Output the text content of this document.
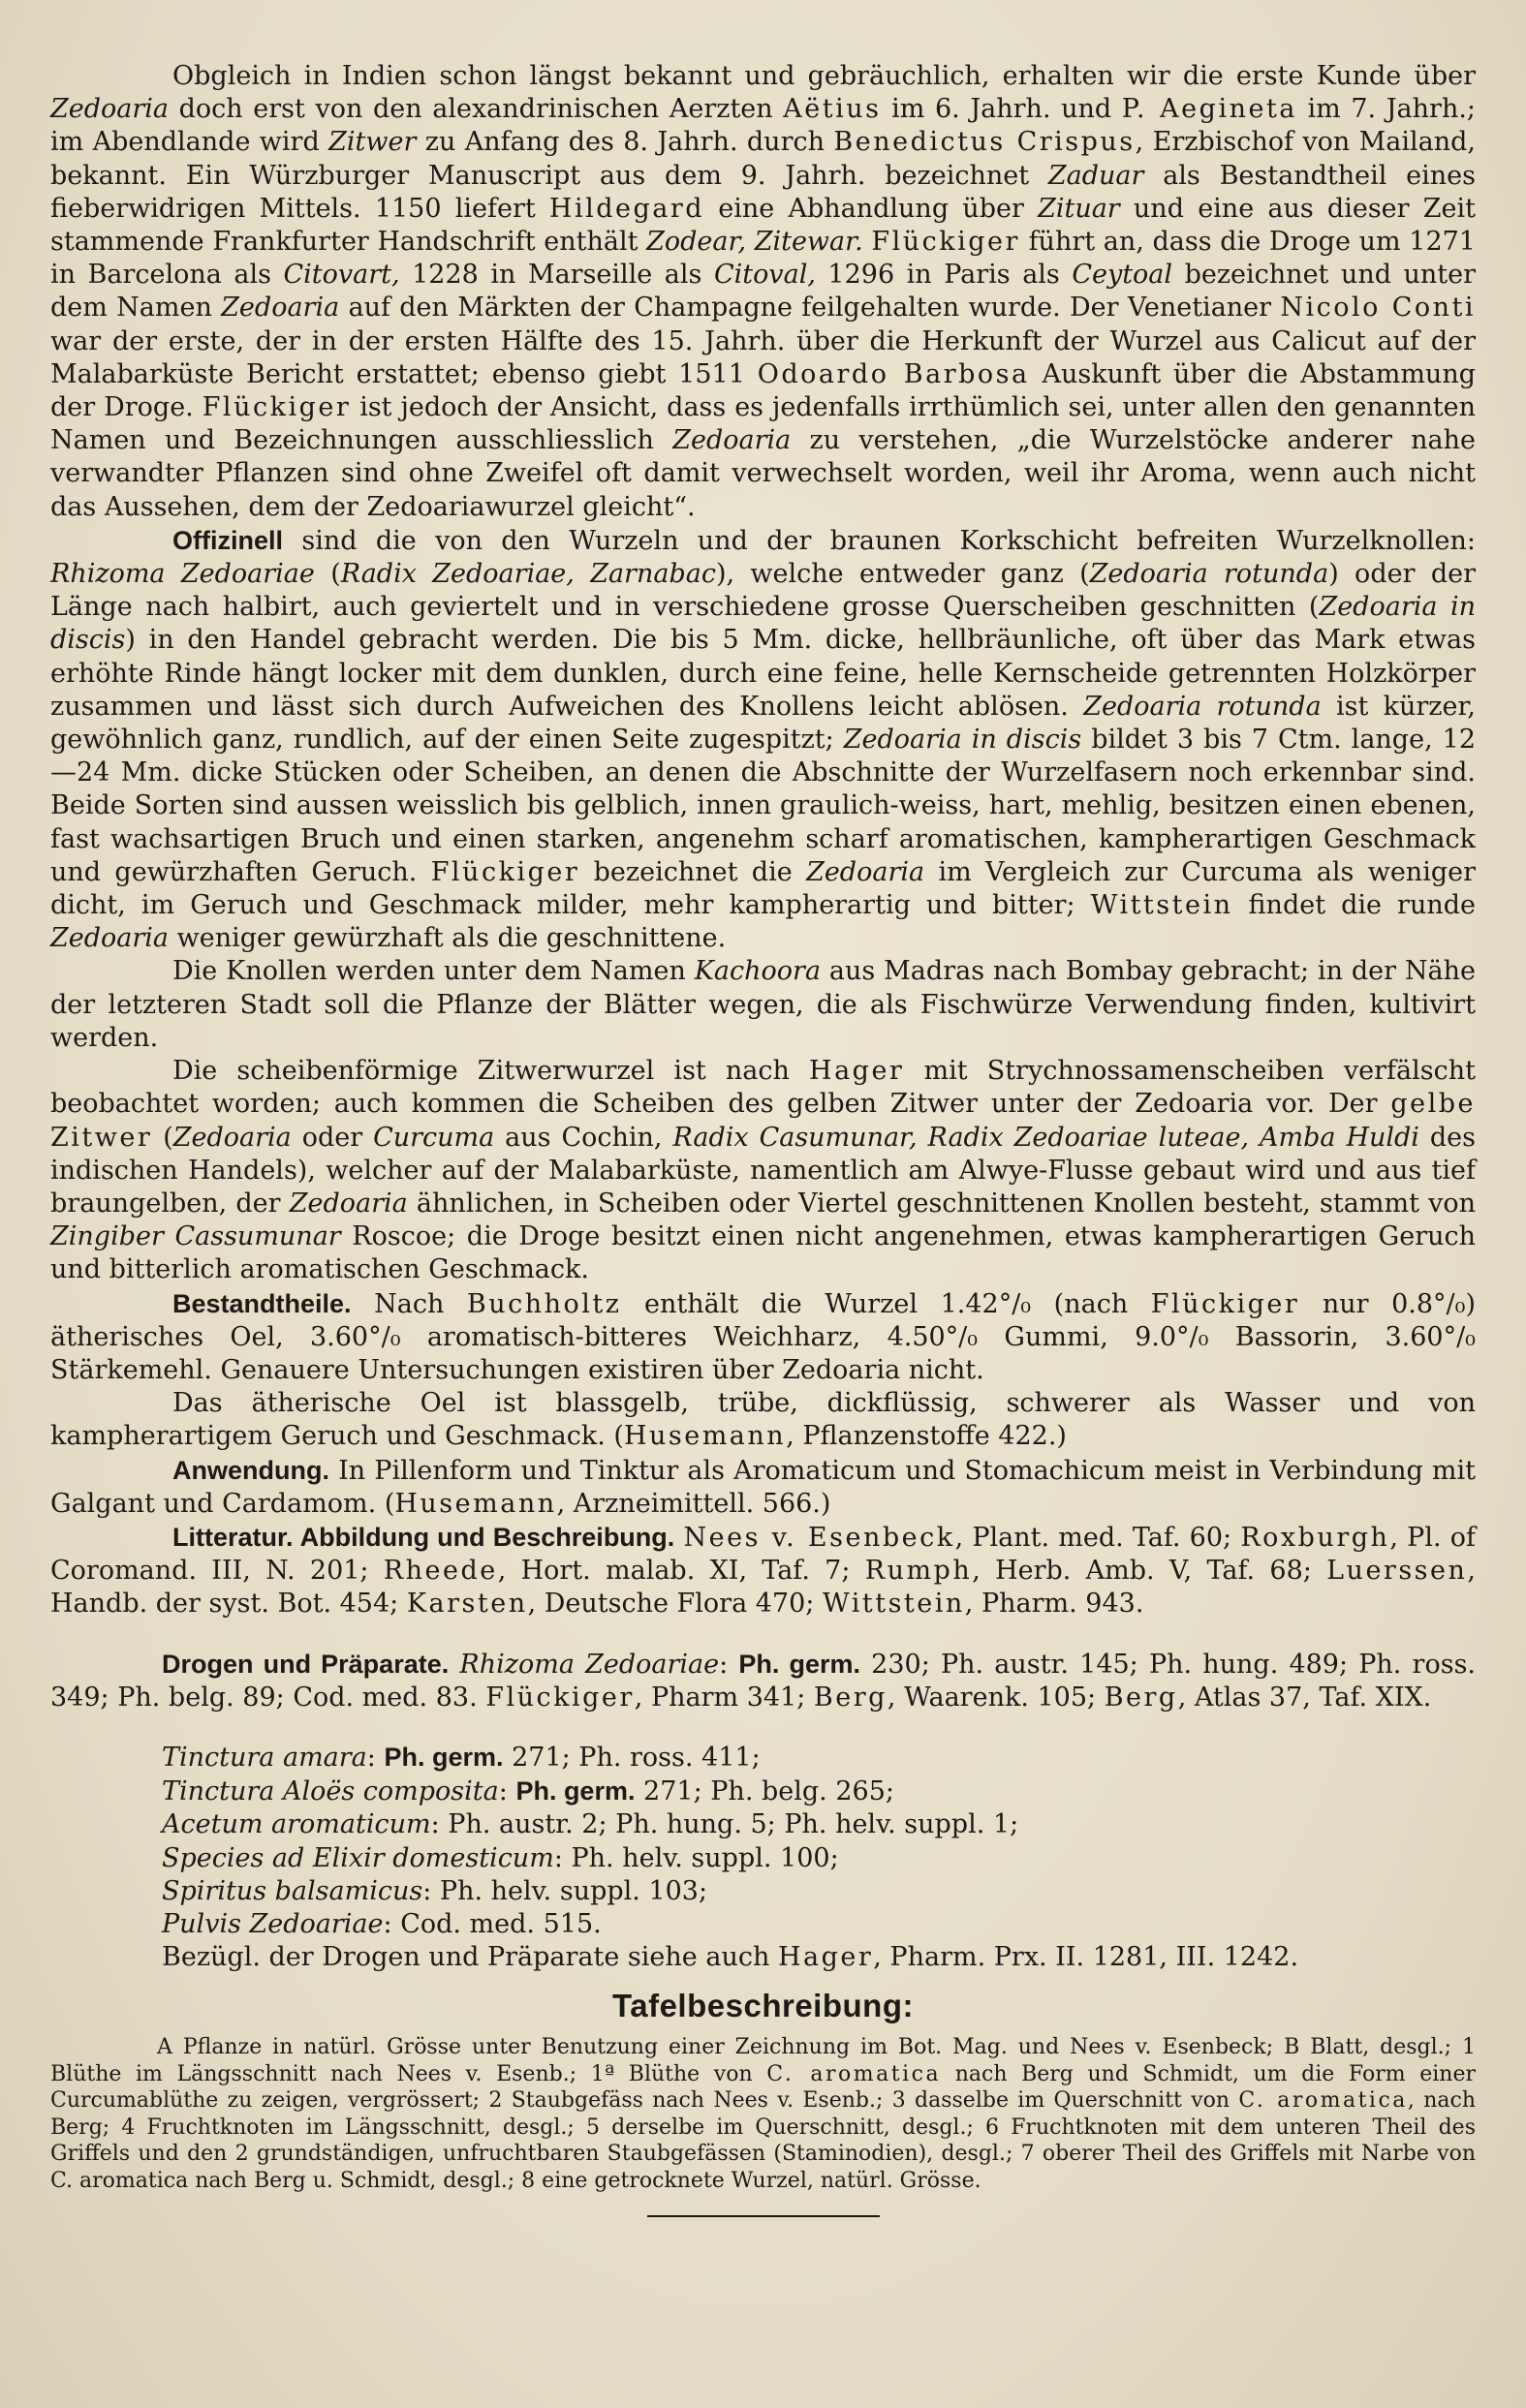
Obgleich in Indien schon längst bekannt und gebräuchlich, erhalten wir die erste Kunde über Zedoaria doch erst von den alexandrinischen Aerzten Aëtius im 6. Jahrh. und P. Aegineta im 7. Jahrh.; im Abendlande wird Zitwer zu Anfang des 8. Jahrh. durch Benedictus Crispus, Erzbischof von Mailand, bekannt. Ein Würzburger Manuscript aus dem 9. Jahrh. bezeichnet Zaduar als Bestandtheil eines fieberwidrigen Mittels. 1150 liefert Hildegard eine Abhandlung über Zituar und eine aus dieser Zeit stammende Frankfurter Handschrift enthält Zodear, Zitewar. Flückiger führt an, dass die Droge um 1271 in Barcelona als Citovart, 1228 in Marseille als Citoval, 1296 in Paris als Ceytoal bezeichnet und unter dem Namen Zedoaria auf den Märkten der Champagne feilgehalten wurde. Der Venetianer Nicolo Conti war der erste, der in der ersten Hälfte des 15. Jahrh. über die Herkunft der Wurzel aus Calicut auf der Malabarküste Bericht erstattet; ebenso giebt 1511 Odoardo Barbosa Auskunft über die Abstammung der Droge. Flückiger ist jedoch der Ansicht, dass es jedenfalls irrthümlich sei, unter allen den genannten Namen und Bezeichnungen ausschliesslich Zedoaria zu verstehen, „die Wurzelstöcke anderer nahe verwandter Pflanzen sind ohne Zweifel oft damit verwechselt worden, weil ihr Aroma, wenn auch nicht das Aussehen, dem der Zedoariawurzel gleicht“.

Offizinell sind die von den Wurzeln und der braunen Korkschicht befreiten Wurzelknollen: Rhizoma Zedoariae (Radix Zedoariae, Zarnabac), welche entweder ganz (Zedoaria rotunda) oder der Länge nach halbirt, auch geviertelt und in verschiedene grosse Querscheiben geschnitten (Zedoaria in discis) in den Handel gebracht werden. Die bis 5 Mm. dicke, hellbräunliche, oft über das Mark etwas erhöhte Rinde hängt locker mit dem dunklen, durch eine feine, helle Kernscheide getrennten Holzkörper zusammen und lässt sich durch Aufweichen des Knollens leicht ablösen. Zedoaria rotunda ist kürzer, gewöhnlich ganz, rundlich, auf der einen Seite zugespitzt; Zedoaria in discis bildet 3 bis 7 Ctm. lange, 12—24 Mm. dicke Stücken oder Scheiben, an denen die Abschnitte der Wurzelfasern noch erkennbar sind. Beide Sorten sind aussen weisslich bis gelblich, innen graulich-weiss, hart, mehlig, besitzen einen ebenen, fast wachsartigen Bruch und einen starken, angenehm scharf aromatischen, kampherartigen Geschmack und gewürzhaften Geruch. Flückiger bezeichnet die Zedoaria im Vergleich zur Curcuma als weniger dicht, im Geruch und Geschmack milder, mehr kampherartig und bitter; Wittstein findet die runde Zedoaria weniger gewürzhaft als die geschnittene.

Die Knollen werden unter dem Namen Kachoora aus Madras nach Bombay gebracht; in der Nähe der letzteren Stadt soll die Pflanze der Blätter wegen, die als Fischwürze Verwendung finden, kultivirt werden.

Die scheibenförmige Zitwerwurzel ist nach Hager mit Strychnossamenscheiben verfälscht beobachtet worden; auch kommen die Scheiben des gelben Zitwer unter der Zedoaria vor. Der gelbe Zitwer (Zedoaria oder Curcuma aus Cochin, Radix Casumunar, Radix Zedoariae luteae, Amba Huldi des indischen Handels), welcher auf der Malabarküste, namentlich am Alwye-Flusse gebaut wird und aus tief braungelben, der Zedoaria ähnlichen, in Scheiben oder Viertel geschnittenen Knollen besteht, stammt von Zingiber Cassumunar Roscoe; die Droge besitzt einen nicht angenehmen, etwas kampherartigen Geruch und bitterlich aromatischen Geschmack.

Bestandtheile. Nach Buchholtz enthält die Wurzel 1.42°/₀ (nach Flückiger nur 0.8°/₀) ätherisches Oel, 3.60°/₀ aromatisch-bitteres Weichharz, 4.50°/₀ Gummi, 9.0°/₀ Bassorin, 3.60°/₀ Stärkemehl. Genauere Untersuchungen existiren über Zedoaria nicht.

Das ätherische Oel ist blassgelb, trübe, dickflüssig, schwerer als Wasser und von kampherartigem Geruch und Geschmack. (Husemann, Pflanzenstoffe 422.)

Anwendung. In Pillenform und Tinktur als Aromaticum und Stomachicum meist in Verbindung mit Galgant und Cardamom. (Husemann, Arzneimittell. 566.)

Litteratur. Abbildung und Beschreibung. Nees v. Esenbeck, Plant. med. Taf. 60; Roxburgh, Pl. of Coromand. III, N. 201; Rheede, Hort. malab. XI, Taf. 7; Rumph, Herb. Amb. V, Taf. 68; Luerssen, Handb. der syst. Bot. 454; Karsten, Deutsche Flora 470; Wittstein, Pharm. 943.

Drogen und Präparate. Rhizoma Zedoariae: Ph. germ. 230; Ph. austr. 145; Ph. hung. 489; Ph. ross. 349; Ph. belg. 89; Cod. med. 83. Flückiger, Pharm 341; Berg, Waarenk. 105; Berg, Atlas 37, Taf. XIX.

Tinctura amara: Ph. germ. 271; Ph. ross. 411;

Tinctura Aloës composita: Ph. germ. 271; Ph. belg. 265;

Acetum aromaticum: Ph. austr. 2; Ph. hung. 5; Ph. helv. suppl. 1;

Species ad Elixir domesticum: Ph. helv. suppl. 100;

Spiritus balsamicus: Ph. helv. suppl. 103;

Pulvis Zedoariae: Cod. med. 515.

Bezügl. der Drogen und Präparate siehe auch Hager, Pharm. Prx. II. 1281, III. 1242.

Tafelbeschreibung:

A Pflanze in natürl. Grösse unter Benutzung einer Zeichnung im Bot. Mag. und Nees v. Esenbeck; B Blatt, desgl.; 1 Blüthe im Längsschnitt nach Nees v. Esenb.; 1ª Blüthe von C. aromatica nach Berg und Schmidt, um die Form einer Curcumablüthe zu zeigen, vergrössert; 2 Staubgefäss nach Nees v. Esenb.; 3 dasselbe im Querschnitt von C. aromatica, nach Berg; 4 Fruchtknoten im Längsschnitt, desgl.; 5 derselbe im Querschnitt, desgl.; 6 Fruchtknoten mit dem unteren Theil des Griffels und den 2 grundständigen, unfruchtbaren Staubgefässen (Staminodien), desgl.; 7 oberer Theil des Griffels mit Narbe von C. aromatica nach Berg u. Schmidt, desgl.; 8 eine getrocknete Wurzel, natürl. Grösse.
